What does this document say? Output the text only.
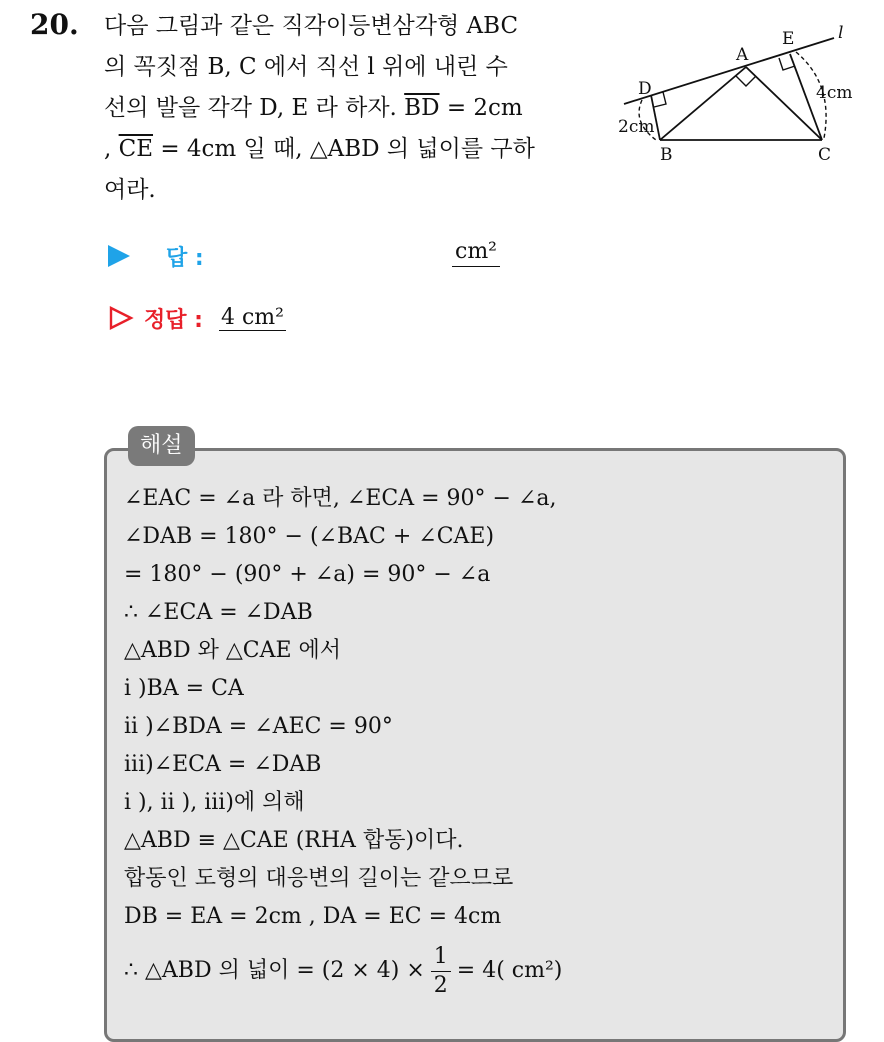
20. 다음 그림과 같은 직각이등변삼각형 ABC
의 꼭짓점 B, C 에서 직선 l 위에 내린 수
선의 발을 각각 D, E 라 하자. $\overline{BD} = 2cm$
, $\overline{CE} = 4cm$ 일 때, △ABD 의 넓이를 구하
여라.
l
E
A
D
B	C
2cm
4cm
답 :	cm²
정답 : 4 cm²
해설
∠EAC = ∠a 라 하면, ∠ECA = 90° − ∠a,
∠DAB = 180° − (∠BAC + ∠CAE)
= 180° − (90° + ∠a) = 90° − ∠a
∴ ∠ECA = ∠DAB
△ABD 와 △CAE 에서
i )BA = CA
ii )∠BDA = ∠AEC = 90°
iii)∠ECA = ∠DAB
i ), ii ), iii)에 의해
△ABD ≡ △CAE (RHA 합동)이다.
합동인 도형의 대응변의 길이는 같으므로
DB = EA = 2cm , DA = EC = 4cm
∴ △ABD 의 넓이 = $(2 \times 4) \times \frac{1}{2} = 4$( cm²)
